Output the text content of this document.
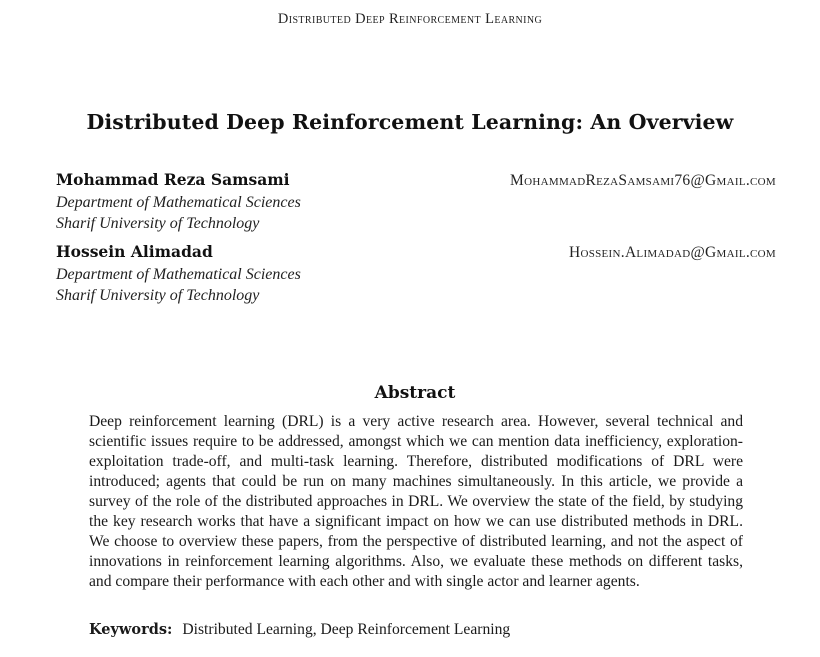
Distributed Deep Reinforcement Learning
Distributed Deep Reinforcement Learning: An Overview
Mohammad Reza Samsami	MohammadRezaSamsami76@Gmail.com
Department of Mathematical Sciences
Sharif University of Technology
Hossein Alimadad	Hossein.Alimadad@Gmail.com
Department of Mathematical Sciences
Sharif University of Technology
Abstract
Deep reinforcement learning (DRL) is a very active research area. However, several technical and scientific issues require to be addressed, amongst which we can mention data inefficiency, exploration-exploitation trade-off, and multi-task learning. Therefore, distributed modifications of DRL were introduced; agents that could be run on many machines simultaneously. In this article, we provide a survey of the role of the distributed approaches in DRL. We overview the state of the field, by studying the key research works that have a significant impact on how we can use distributed methods in DRL. We choose to overview these papers, from the perspective of distributed learning, and not the aspect of innovations in reinforcement learning algorithms. Also, we evaluate these methods on different tasks, and compare their performance with each other and with single actor and learner agents.
Keywords: Distributed Learning, Deep Reinforcement Learning
